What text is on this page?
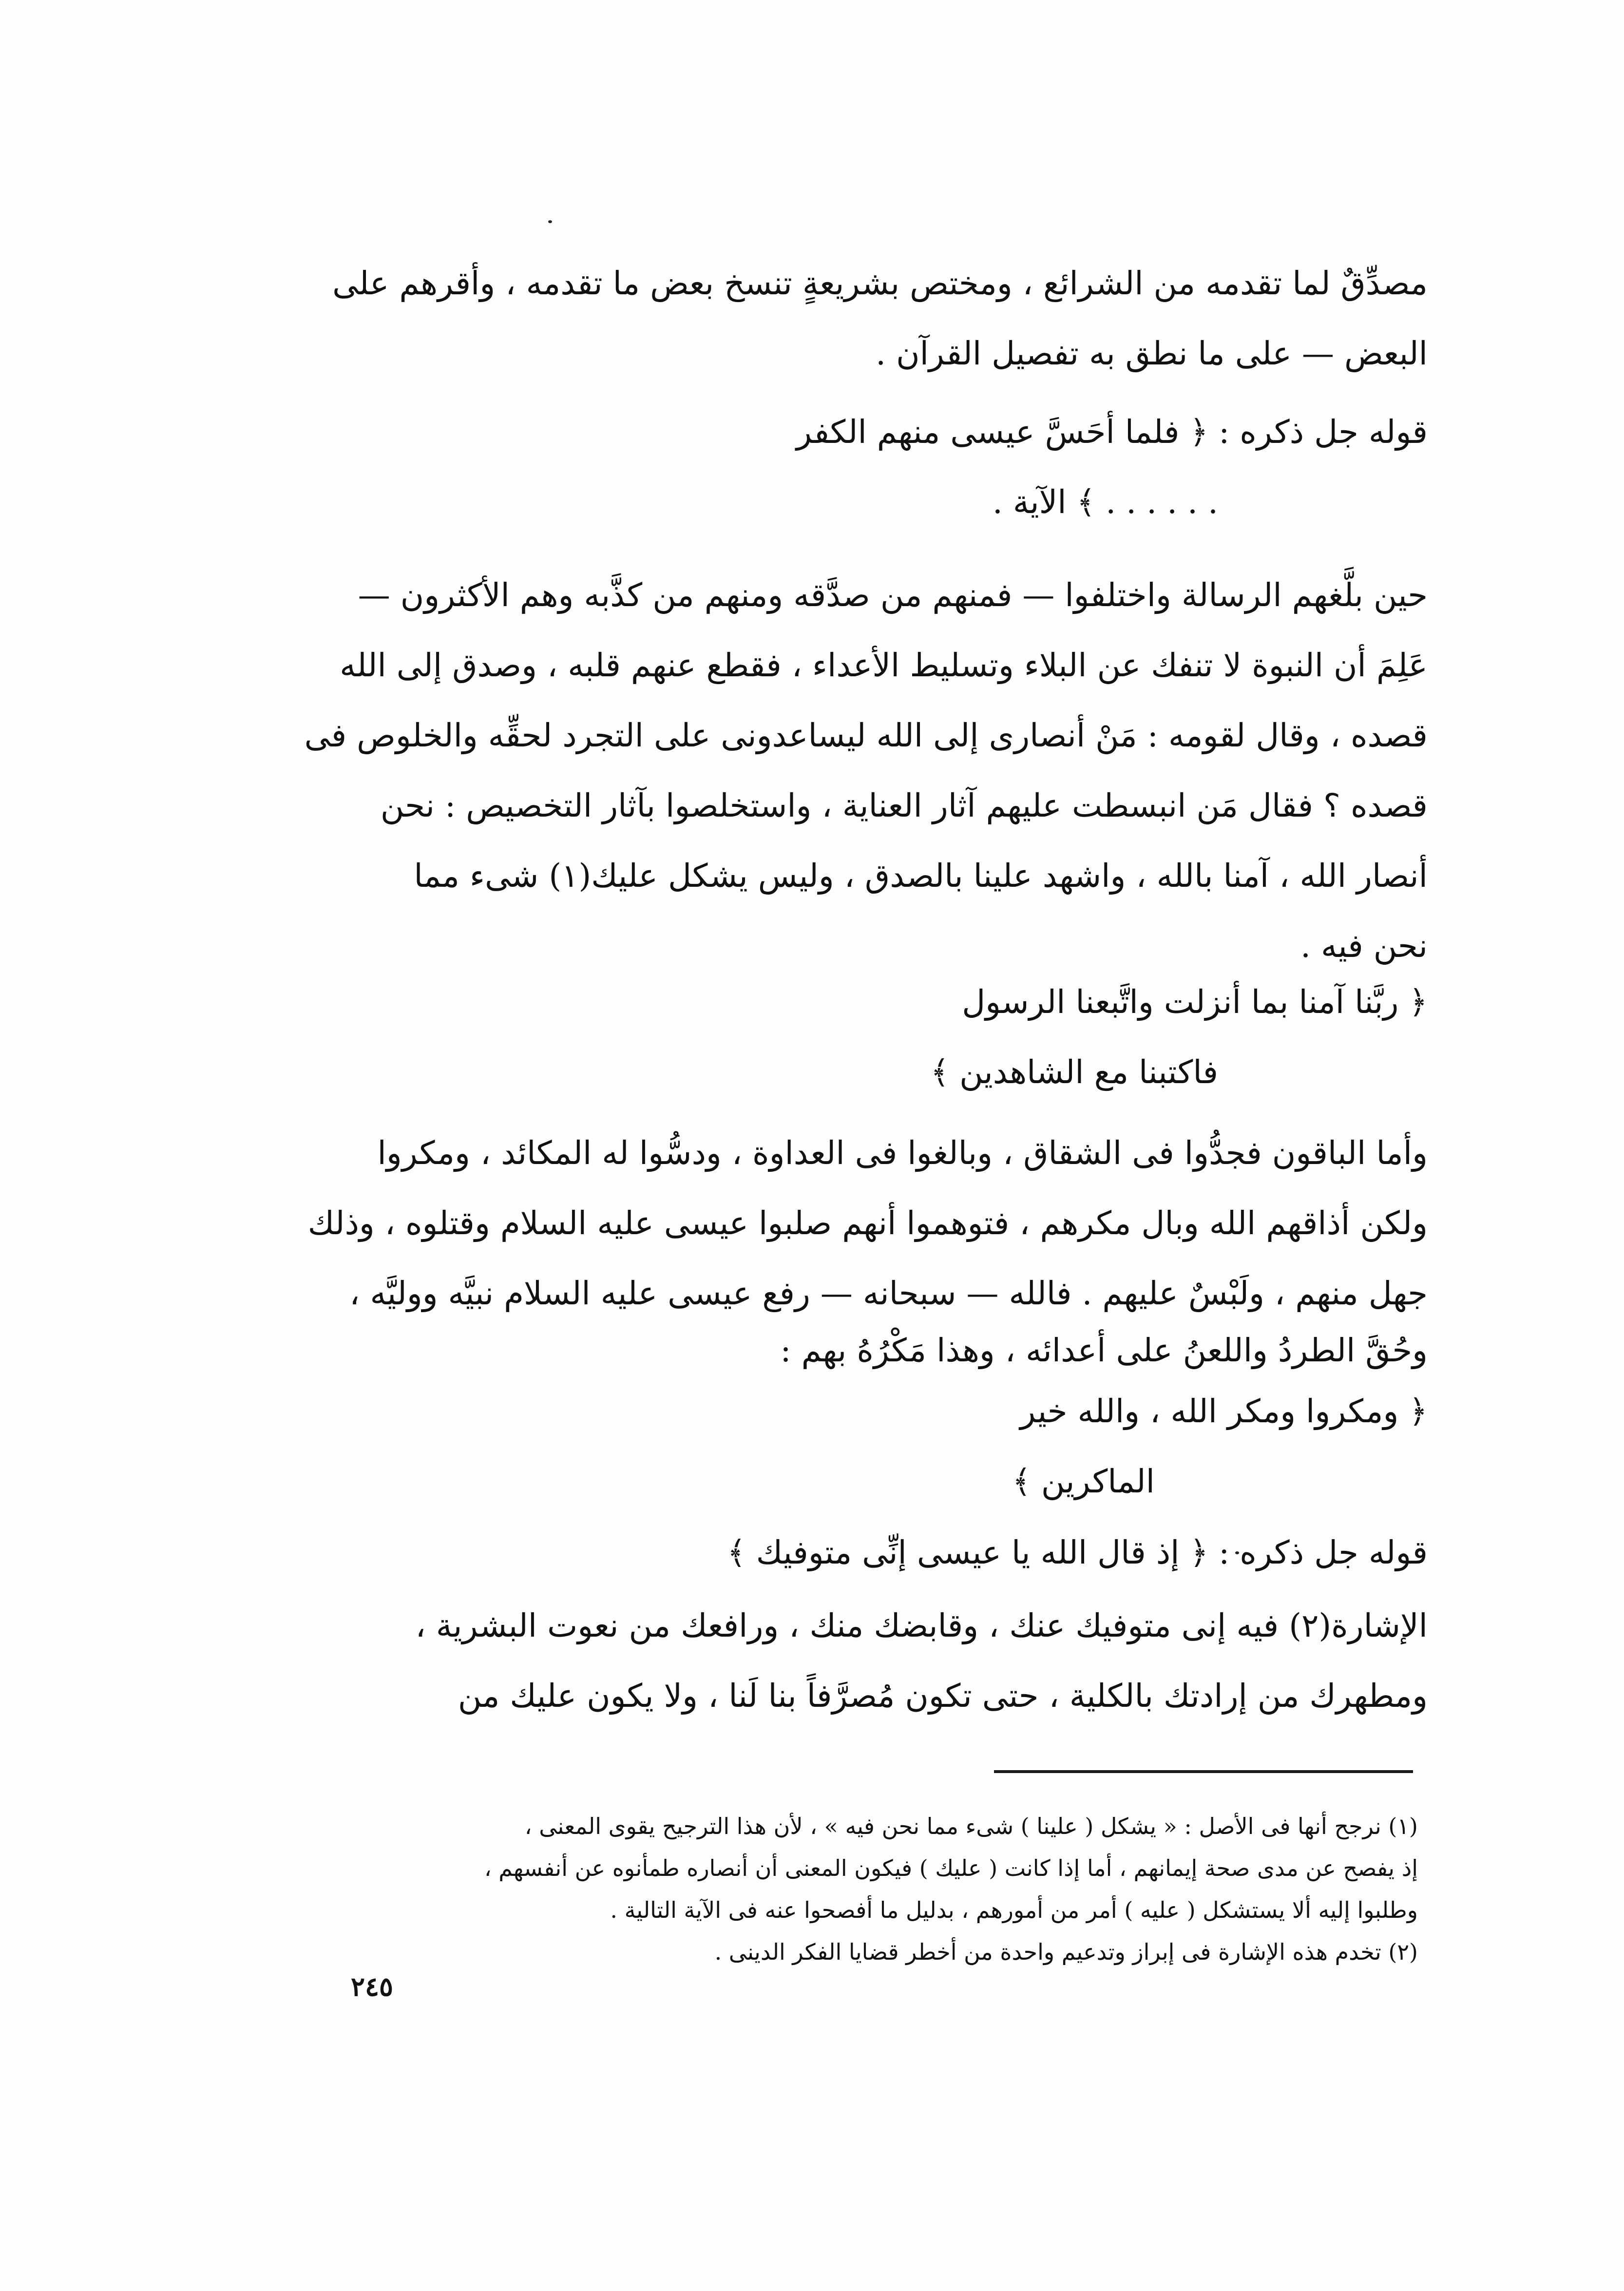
مصدِّقٌ لما تقدمه من الشرائع ، ومختص بشريعةٍ تنسخ بعض ما تقدمه ، وأقرهم على
البعض — على ما نطق به تفصيل القرآن .
قوله جل ذكره : ﴿ فلما أحَسَّ عيسى منهم الكفر
. . . . . . ﴾ الآية .
حين بلَّغهم الرسالة واختلفوا — فمنهم من صدَّقه ومنهم من كذَّبه وهم الأكثرون —
عَلِمَ أن النبوة لا تنفك عن البلاء وتسليط الأعداء ، فقطع عنهم قلبه ، وصدق إلى الله
قصده ، وقال لقومه : مَنْ أنصارى إلى الله ليساعدونى على التجرد لحقِّه والخلوص فى
قصده ؟ فقال مَن انبسطت عليهم آثار العناية ، واستخلصوا بآثار التخصيص : نحن
أنصار الله ، آمنا بالله ، واشهد علينا بالصدق ، وليس يشكل عليك(١) شىء مما
نحن فيه .
﴿ ربَّنا آمنا بما أنزلت واتَّبعنا الرسول
فاكتبنا مع الشاهدين ﴾
وأما الباقون فجدُّوا فى الشقاق ، وبالغوا فى العداوة ، ودسُّوا له المكائد ، ومكروا
ولكن أذاقهم الله وبال مكرهم ، فتوهموا أنهم صلبوا عيسى عليه السلام وقتلوه ، وذلك
جهل منهم ، ولَبْسٌ عليهم . فالله — سبحانه — رفع عيسى عليه السلام نبيَّه ووليَّه ،
وحُقَّ الطردُ واللعنُ على أعدائه ، وهذا مَكْرُهُ بهم :
﴿ ومكروا ومكر الله ، والله خير
الماكرين ﴾
قوله جل ذكره : ﴿ إذ قال الله يا عيسى إنِّى متوفيك ﴾
الإشارة(٢) فيه إنى متوفيك عنك ، وقابضك منك ، ورافعك من نعوت البشرية ،
ومطهرك من إرادتك بالكلية ، حتى تكون مُصرَّفاً بنا لَنا ، ولا يكون عليك من
(١) نرجح أنها فى الأصل : « يشكل ( علينا ) شىء مما نحن فيه » ، لأن هذا الترجيح يقوى المعنى ،
إذ يفصح عن مدى صحة إيمانهم ، أما إذا كانت ( عليك ) فيكون المعنى أن أنصاره طمأنوه عن أنفسهم ،
وطلبوا إليه ألا يستشكل ( عليه ) أمر من أمورهم ، بدليل ما أفصحوا عنه فى الآية التالية .
(٢) تخدم هذه الإشارة فى إبراز وتدعيم واحدة من أخطر قضايا الفكر الدينى .
٢٤٥
